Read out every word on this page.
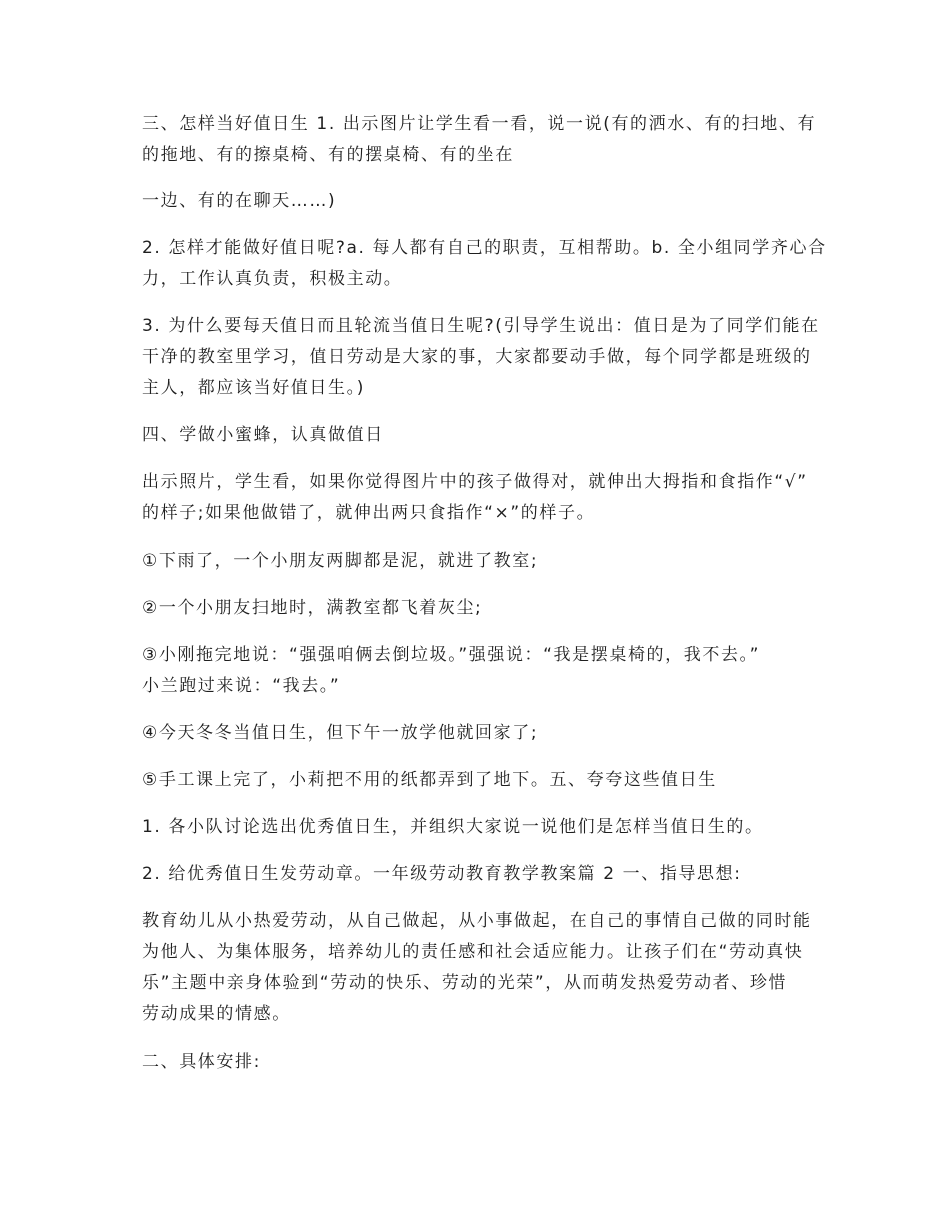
三、怎样当好值日生 1. 出示图片让学生看一看，说一说(有的洒水、有的扫地、有
的拖地、有的擦桌椅、有的摆桌椅、有的坐在

一边、有的在聊天……)

2. 怎样才能做好值日呢?a. 每人都有自己的职责，互相帮助。b. 全小组同学齐心合
力，工作认真负责，积极主动。

3. 为什么要每天值日而且轮流当值日生呢?(引导学生说出：值日是为了同学们能在
干净的教室里学习，值日劳动是大家的事，大家都要动手做，每个同学都是班级的
主人，都应该当好值日生。)

四、学做小蜜蜂，认真做值日

出示照片，学生看，如果你觉得图片中的孩子做得对，就伸出大拇指和食指作“√”
的样子;如果他做错了，就伸出两只食指作“×”的样子。

①下雨了，一个小朋友两脚都是泥，就进了教室;

②一个小朋友扫地时，满教室都飞着灰尘;

③小刚拖完地说：“强强咱俩去倒垃圾。”强强说：“我是摆桌椅的，我不去。”
小兰跑过来说：“我去。”

④今天冬冬当值日生，但下午一放学他就回家了;

⑤手工课上完了，小莉把不用的纸都弄到了地下。五、夸夸这些值日生

1. 各小队讨论选出优秀值日生，并组织大家说一说他们是怎样当值日生的。

2. 给优秀值日生发劳动章。一年级劳动教育教学教案篇 2 一、指导思想:

教育幼儿从小热爱劳动，从自己做起，从小事做起，在自己的事情自己做的同时能
为他人、为集体服务，培养幼儿的责任感和社会适应能力。让孩子们在“劳动真快
乐”主题中亲身体验到“劳动的快乐、劳动的光荣”，从而萌发热爱劳动者、珍惜
劳动成果的情感。

二、具体安排:
